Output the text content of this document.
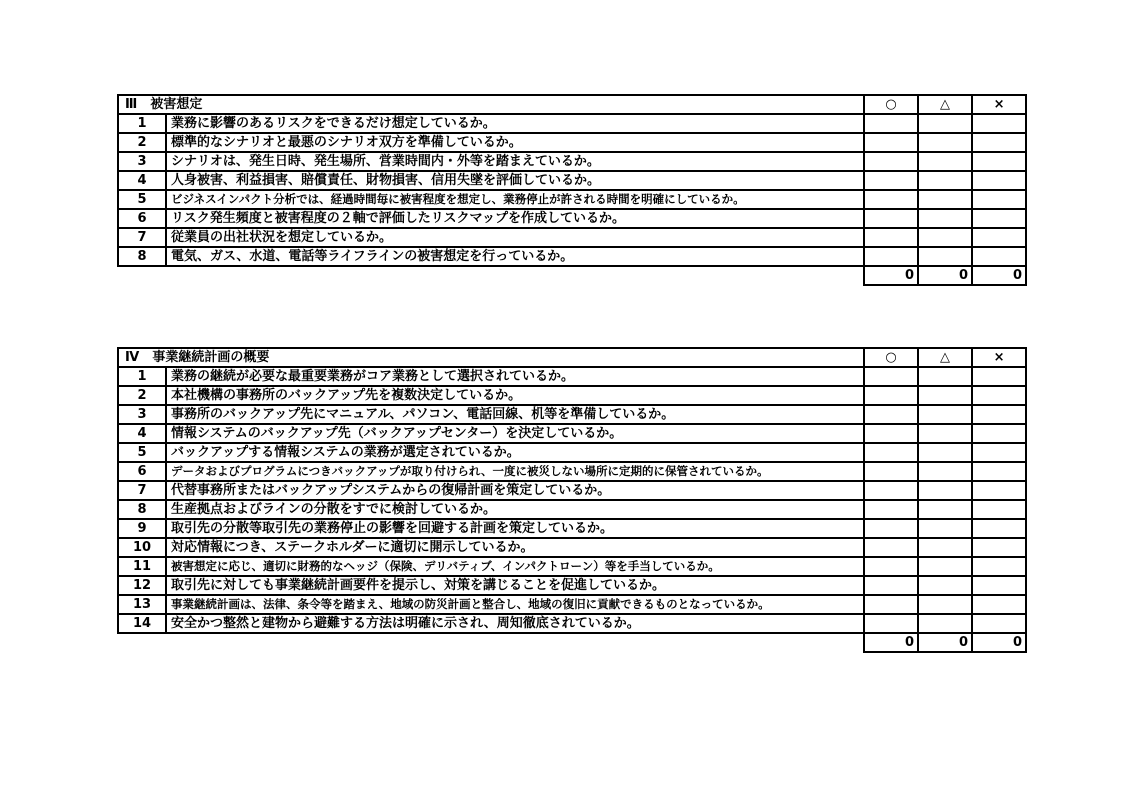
Ⅲ　 被害想定		○	△	×
1	業務に影響のあるリスクをできるだけ想定しているか。			
2	標準的なシナリオと最悪のシナリオ双方を準備しているか。			
3	シナリオは、発生日時、発生場所、営業時間内・外等を踏まえているか。			
4	人身被害、利益損害、賠償責任、財物損害、信用失墜を評価しているか。			
5	ビジネスインパクト分析では、経過時間毎に被害程度を想定し、業務停止が許される時間を明確にしているか。			
6	リスク発生頻度と被害程度の２軸で評価したリスクマップを作成しているか。			
7	従業員の出社状況を想定しているか。			
8	電気、ガス、水道、電話等ライフラインの被害想定を行っているか。			
		0	0	0
Ⅳ　 事業継続計画の概要		○	△	×
1	業務の継続が必要な最重要業務がコア業務として選択されているか。			
2	本社機構の事務所のバックアップ先を複数決定しているか。			
3	事務所のバックアップ先にマニュアル、パソコン、電話回線、机等を準備しているか。			
4	情報システムのバックアップ先（バックアップセンター）を決定しているか。			
5	バックアップする情報システムの業務が選定されているか。			
6	データおよびプログラムにつきバックアップが取り付けられ、一度に被災しない場所に定期的に保管されているか。			
7	代替事務所またはバックアップシステムからの復帰計画を策定しているか。			
8	生産拠点およびラインの分散をすでに検討しているか。			
9	取引先の分散等取引先の業務停止の影響を回避する計画を策定しているか。			
10	対応情報につき、ステークホルダーに適切に開示しているか。			
11	被害想定に応じ、適切に財務的なヘッジ（保険、デリバティブ、インパクトローン）等を手当しているか。			
12	取引先に対しても事業継続計画要件を提示し、対策を講じることを促進しているか。			
13	事業継続計画は、法律、条令等を踏まえ、地域の防災計画と整合し、地域の復旧に貢献できるものとなっているか。			
14	安全かつ整然と建物から避難する方法は明確に示され、周知徹底されているか。			
		0	0	0
